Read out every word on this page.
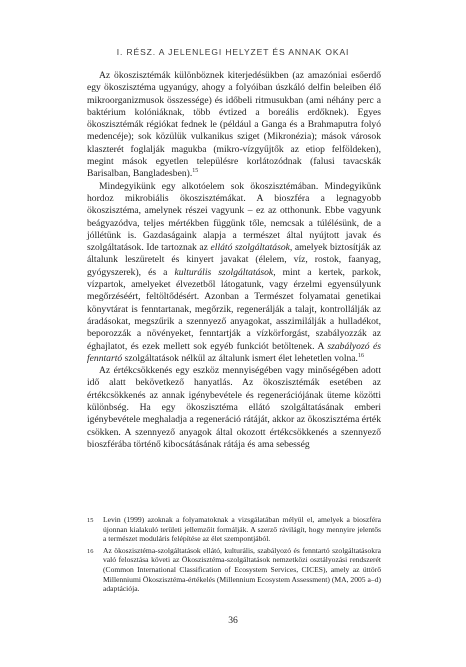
I. RÉSZ. A JELENLEGI HELYZET ÉS ANNAK OKAI

Az ökoszisztémák különböznek kiterjedésükben (az amazóniai esőerdő egy ökoszisztéma ugyanúgy, ahogy a folyóiban úszkáló delfin beleiben élő mikroorganizmusok összessége) és időbeli ritmusukban (ami néhány perc a baktérium kolóniáknak, több évtized a boreális erdőknek). Egyes ökoszisztémák régiókat fednek le (például a Ganga és a Brahmaputra folyó medencéje); sok közülük vulkanikus sziget (Mikronézia); mások városok klaszterét foglalják magukba (mikro-vízgyűjtők az etiop felföldeken), megint mások egyetlen településre korlátozódnak (falusi tavacskák Barisalban, Bangladesben).$^{15}$

Mindegyikünk egy alkotóelem sok ökoszisztémában. Mindegyikünk hordoz mikrobiális ökoszisztémákat. A bioszféra a legnagyobb ökoszisztéma, amelynek részei vagyunk – ez az otthonunk. Ebbe vagyunk beágyazódva, teljes mértékben függünk tőle, nemcsak a túlélésünk, de a jóllétünk is. Gazdaságaink alapja a természet által nyújtott javak és szolgáltatások. Ide tartoznak az ellátó szolgáltatások, amelyek biztosítják az általunk leszüretelt és kinyert javakat (élelem, víz, rostok, faanyag, gyógyszerek), és a kulturális szolgáltatások, mint a kertek, parkok, vízpartok, amelyeket élvezetből látogatunk, vagy érzelmi egyensúlyunk megőrzéséért, feltöltődésért. Azonban a Természet folyamatai genetikai könyvtárat is fenntartanak, megőrzik, regenerálják a talajt, kontrollálják az áradásokat, megszűrik a szennyező anyagokat, asszimilálják a hulladékot, beporozzák a növényeket, fenntartják a vízkörforgást, szabályozzák az éghajlatot, és ezek mellett sok egyéb funkciót betöltenek. A szabályozó és fenntartó szolgáltatások nélkül az általunk ismert élet lehetetlen volna.$^{16}$

Az értékcsökkenés egy eszköz mennyiségében vagy minőségében adott idő alatt bekövetkező hanyatlás. Az ökoszisztémák esetében az értékcsökkenés az annak igénybevétele és regenerációjának üteme közötti különbség. Ha egy ökoszisztéma ellátó szolgáltatásának emberi igénybevétele meghaladja a regeneráció rátáját, akkor az ökoszisztéma érték csökken. A szennyező anyagok által okozott értékcsökkenés a szennyező bioszférába történő kibocsátásának rátája és ama sebesség

15	Levin (1999) azoknak a folyamatoknak a vizsgálatában mélyül el, amelyek a bioszféra újonnan kialakuló területi jellemzőit formálják. A szerző rávilágít, hogy mennyire jelentős a természet moduláris felépítése az élet szempontjából.
16	Az ökoszisztéma-szolgáltatások ellátó, kulturális, szabályozó és fenntartó szolgáltatásokra való felosztása követi az Ökoszisztéma-szolgáltatások nemzetközi osztályozási rendszerét (Common International Classification of Ecosystem Services, CICES), amely az úttörő Millenniumi Ökoszisztéma-értékelés (Millennium Ecosystem Assessment) (MA, 2005 a–d) adaptációja.
36
